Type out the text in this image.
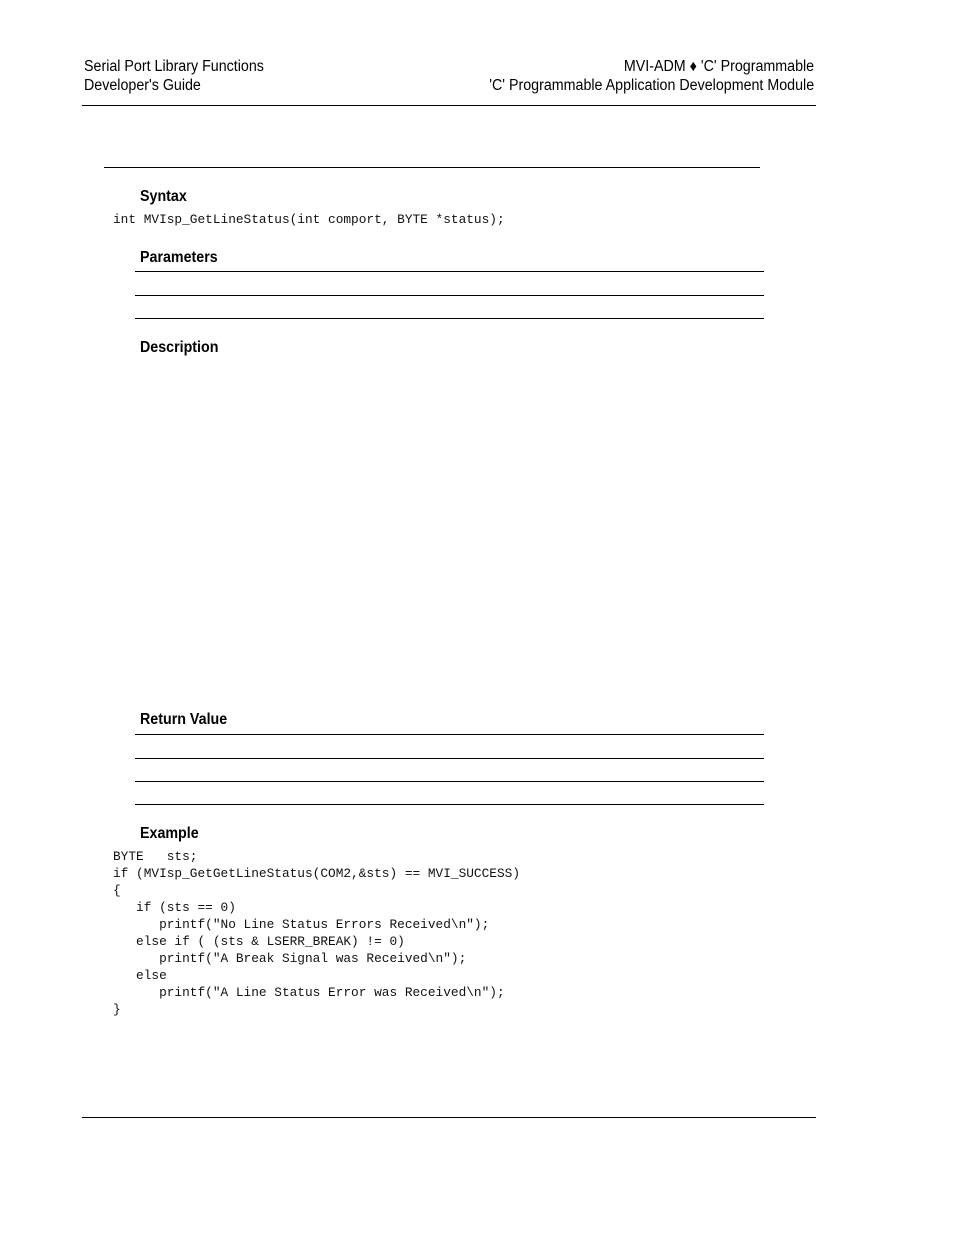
Serial Port Library Functions
Developer's Guide
MVI-ADM ♦ 'C' Programmable
'C' Programmable Application Development Module
Syntax
int MVIsp_GetLineStatus(int comport, BYTE *status);
Parameters
Description
Return Value
Example
BYTE   sts;
if (MVIsp_GetGetLineStatus(COM2,&sts) == MVI_SUCCESS)
{
if (sts == 0)
printf("No Line Status Errors Received\n");
else if ( (sts & LSERR_BREAK) != 0)
printf("A Break Signal was Received\n");
else
printf("A Line Status Error was Received\n");
}
